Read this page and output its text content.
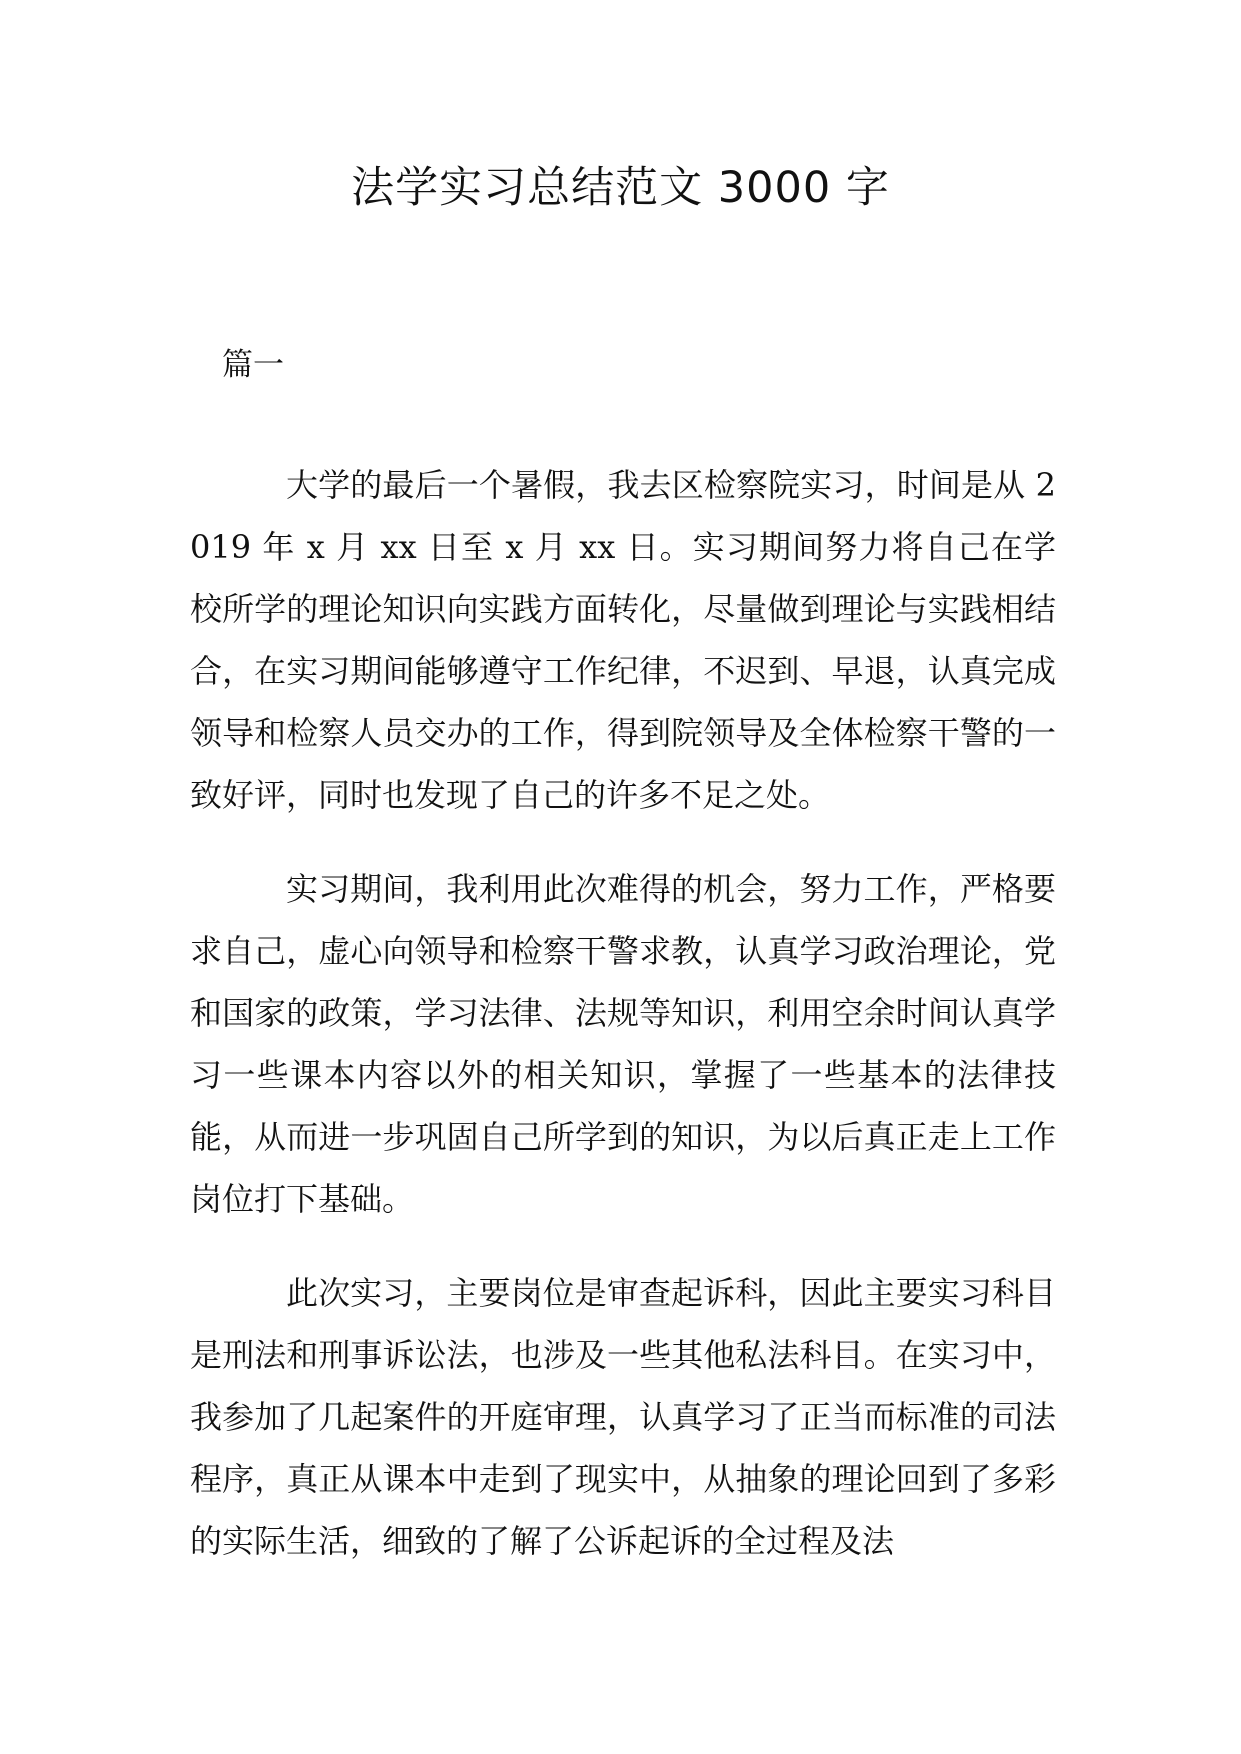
法学实习总结范文 3000 字

篇一

大学的最后一个暑假，我去区检察院实习，时间是从 2019 年 x 月 xx 日至 x 月 xx 日。实习期间努力将自己在学校所学的理论知识向实践方面转化，尽量做到理论与实践相结合，在实习期间能够遵守工作纪律，不迟到、早退，认真完成领导和检察人员交办的工作，得到院领导及全体检察干警的一致好评，同时也发现了自己的许多不足之处。

实习期间，我利用此次难得的机会，努力工作，严格要求自己，虚心向领导和检察干警求教，认真学习政治理论，党和国家的政策，学习法律、法规等知识，利用空余时间认真学习一些课本内容以外的相关知识，掌握了一些基本的法律技能，从而进一步巩固自己所学到的知识，为以后真正走上工作岗位打下基础。

此次实习，主要岗位是审查起诉科，因此主要实习科目是刑法和刑事诉讼法，也涉及一些其他私法科目。在实习中，我参加了几起案件的开庭审理，认真学习了正当而标准的司法程序，真正从课本中走到了现实中，从抽象的理论回到了多彩的实际生活，细致的了解了公诉起诉的全过程及法
